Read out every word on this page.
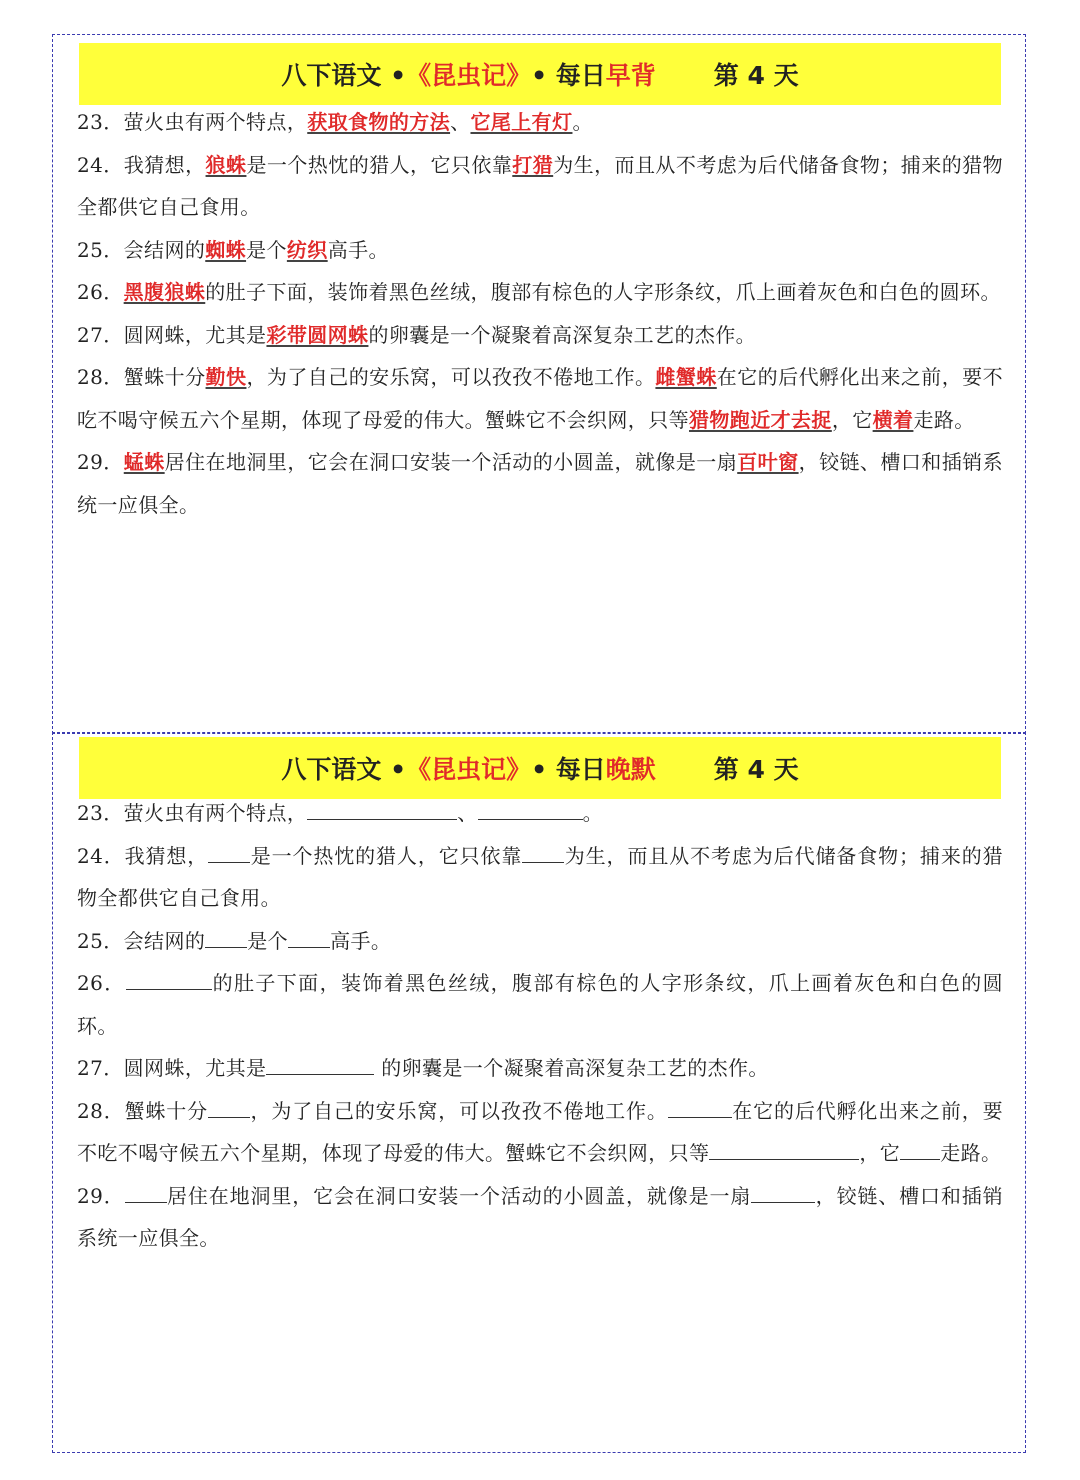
八下语文 • 《昆虫记》 • 每日 早背 第 4 天

23．萤火虫有两个特点，获取食物的方法、它尾上有灯。

24．我猜想，狼蛛是一个热忱的猎人，它只依靠打猎为生，而且从不考虑为后代储备食物；捕来的猎物全都供它自己食用。

25．会结网的蜘蛛是个纺织高手。

26．黑腹狼蛛的肚子下面，装饰着黑色丝绒，腹部有棕色的人字形条纹，爪上画着灰色和白色的圆环。

27．圆网蛛，尤其是彩带圆网蛛的卵囊是一个凝聚着高深复杂工艺的杰作。

28．蟹蛛十分勤快，为了自己的安乐窝，可以孜孜不倦地工作。雌蟹蛛在它的后代孵化出来之前，要不吃不喝守候五六个星期，体现了母爱的伟大。蟹蛛它不会织网，只等猎物跑近才去捉，它横着走路。

29．蜢蛛居住在地洞里，它会在洞口安装一个活动的小圆盖，就像是一扇百叶窗，铰链、槽口和插销系统一应俱全。

八下语文 • 《昆虫记》 • 每日 晚默 第 4 天

23．萤火虫有两个特点，	、	。

24．我猜想， 是一个热忱的猎人，它只依靠 为生，而且从不考虑为后代储备食物；捕来的猎物全都供它自己食用。

25．会结网的 是个 高手。

26．	的肚子下面，装饰着黑色丝绒，腹部有棕色的人字形条纹，爪上画着灰色和白色的圆环。

27．圆网蛛，尤其是	的卵囊是一个凝聚着高深复杂工艺的杰作。

28．蟹蛛十分 ，为了自己的安乐窝，可以孜孜不倦地工作。	在它的后代孵化出来之前，要不吃不喝守候五六个星期，体现了母爱的伟大。蟹蛛它不会织网，只等	，它 走路。

29． 居住在地洞里，它会在洞口安装一个活动的小圆盖，就像是一扇	，铰链、槽口和插销系统一应俱全。
